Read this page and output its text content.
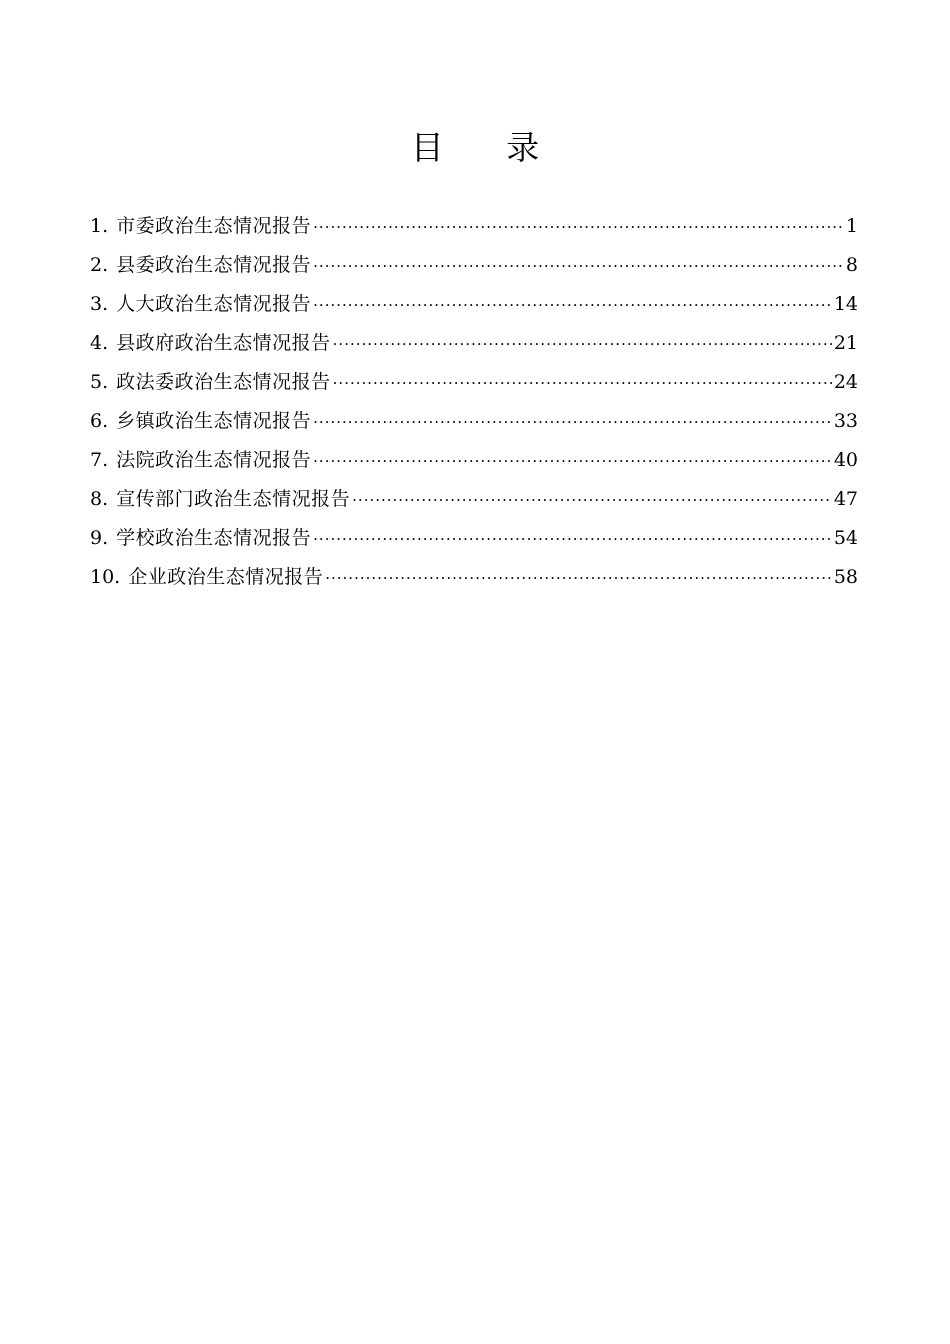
目 录
1. 市委政治生态情况报告 ·····	1
2. 县委政治生态情况报告 ·····	8
3. 人大政治生态情况报告 ·····	14
4. 县政府政治生态情况报告 ·····	21
5. 政法委政治生态情况报告 ·····	24
6. 乡镇政治生态情况报告 ·····	33
7. 法院政治生态情况报告 ·····	40
8. 宣传部门政治生态情况报告 ·····	47
9. 学校政治生态情况报告 ·····	54
10. 企业政治生态情况报告 ·····	58
